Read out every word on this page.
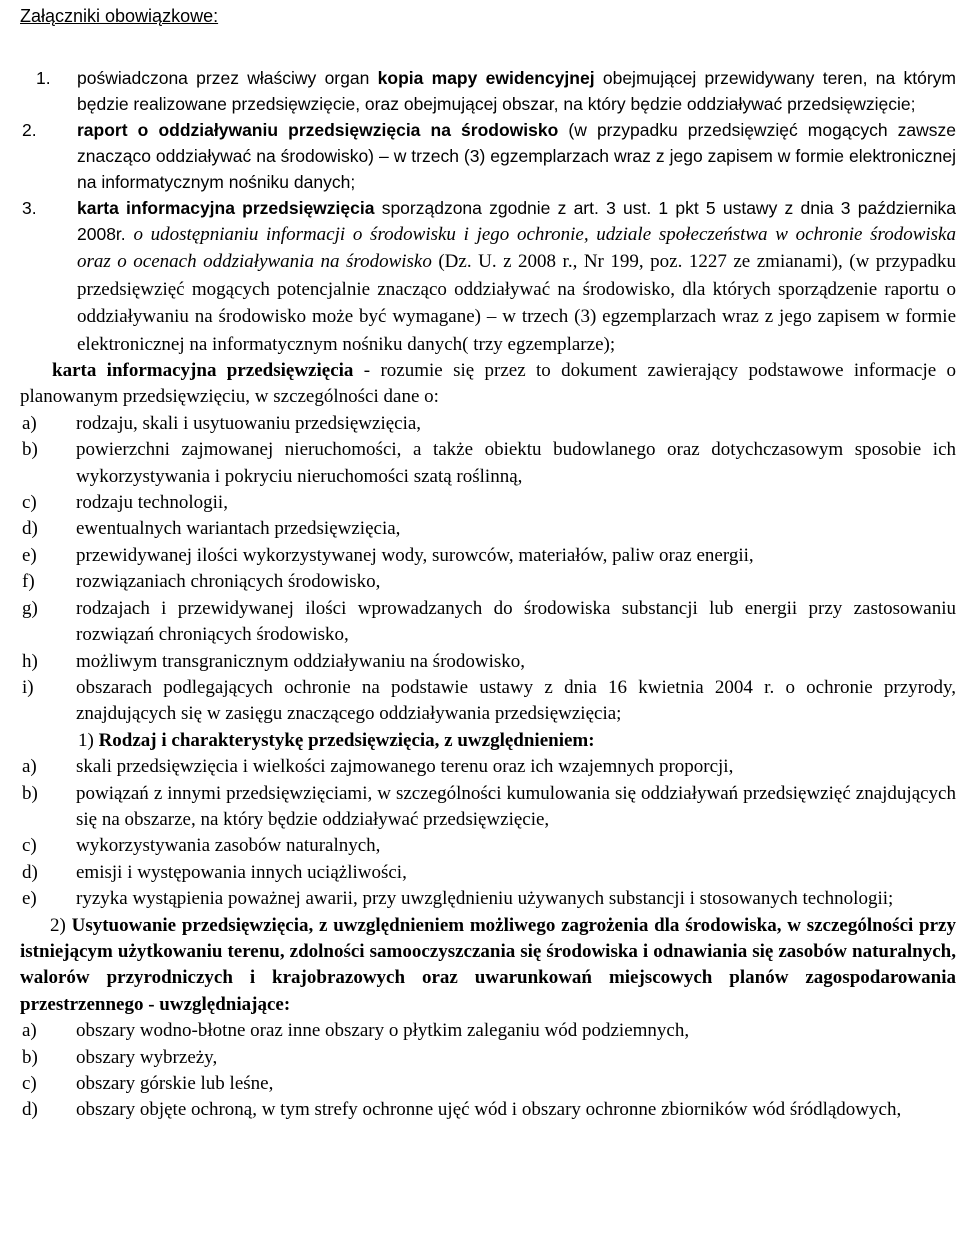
Załączniki obowiązkowe:
1.	poświadczona przez właściwy organ kopia mapy ewidencyjnej obejmującej przewidywany teren, na którym będzie realizowane przedsięwzięcie, oraz obejmującej obszar, na który będzie oddziaływać przedsięwzięcie;
2.	raport o oddziaływaniu przedsięwzięcia na środowisko (w przypadku przedsięwzięć mogących zawsze znacząco oddziaływać na środowisko) – w trzech (3) egzemplarzach wraz z jego zapisem w formie elektronicznej na informatycznym nośniku danych;
3.	karta informacyjna przedsięwzięcia sporządzona zgodnie z art. 3 ust. 1 pkt 5 ustawy z dnia 3 października 2008r. o udostępnianiu informacji o środowisku i jego ochronie, udziale społeczeństwa w ochronie środowiska oraz o ocenach oddziaływania na środowisko (Dz. U. z 2008 r., Nr 199, poz. 1227 ze zmianami), (w przypadku przedsięwzięć mogących potencjalnie znacząco oddziaływać na środowisko, dla których sporządzenie raportu o oddziaływaniu na środowisko może być wymagane) – w trzech (3) egzemplarzach wraz z jego zapisem w formie elektronicznej na informatycznym nośniku danych( trzy egzemplarze);
karta informacyjna przedsięwzięcia - rozumie się przez to dokument zawierający podstawowe informacje o planowanym przedsięwzięciu, w szczególności dane o:
a) rodzaju, skali i usytuowaniu przedsięwzięcia,
b) powierzchni zajmowanej nieruchomości, a także obiektu budowlanego oraz dotychczasowym sposobie ich wykorzystywania i pokryciu nieruchomości szatą roślinną,
c) rodzaju technologii,
d) ewentualnych wariantach przedsięwzięcia,
e) przewidywanej ilości wykorzystywanej wody, surowców, materiałów, paliw oraz energii,
f) rozwiązaniach chroniących środowisko,
g) rodzajach i przewidywanej ilości wprowadzanych do środowiska substancji lub energii przy zastosowaniu rozwiązań chroniących środowisko,
h) możliwym transgranicznym oddziaływaniu na środowisko,
i) obszarach podlegających ochronie na podstawie ustawy z dnia 16 kwietnia 2004 r. o ochronie przyrody, znajdujących się w zasięgu znaczącego oddziaływania przedsięwzięcia;
1) Rodzaj i charakterystykę przedsięwzięcia, z uwzględnieniem:
a) skali przedsięwzięcia i wielkości zajmowanego terenu oraz ich wzajemnych proporcji,
b) powiązań z innymi przedsięwzięciami, w szczególności kumulowania się oddziaływań przedsięwzięć znajdujących się na obszarze, na który będzie oddziaływać przedsięwzięcie,
c) wykorzystywania zasobów naturalnych,
d) emisji i występowania innych uciążliwości,
e) ryzyka wystąpienia poważnej awarii, przy uwzględnieniu używanych substancji i stosowanych technologii;
2) Usytuowanie przedsięwzięcia, z uwzględnieniem możliwego zagrożenia dla środowiska, w szczególności przy istniejącym użytkowaniu terenu, zdolności samooczyszczania się środowiska i odnawiania się zasobów naturalnych, walorów przyrodniczych i krajobrazowych oraz uwarunkowań miejscowych planów zagospodarowania przestrzennego - uwzględniające:
a) obszary wodno-błotne oraz inne obszary o płytkim zaleganiu wód podziemnych,
b) obszary wybrzeży,
c) obszary górskie lub leśne,
d) obszary objęte ochroną, w tym strefy ochronne ujęć wód i obszary ochronne zbiorników wód śródlądowych,
